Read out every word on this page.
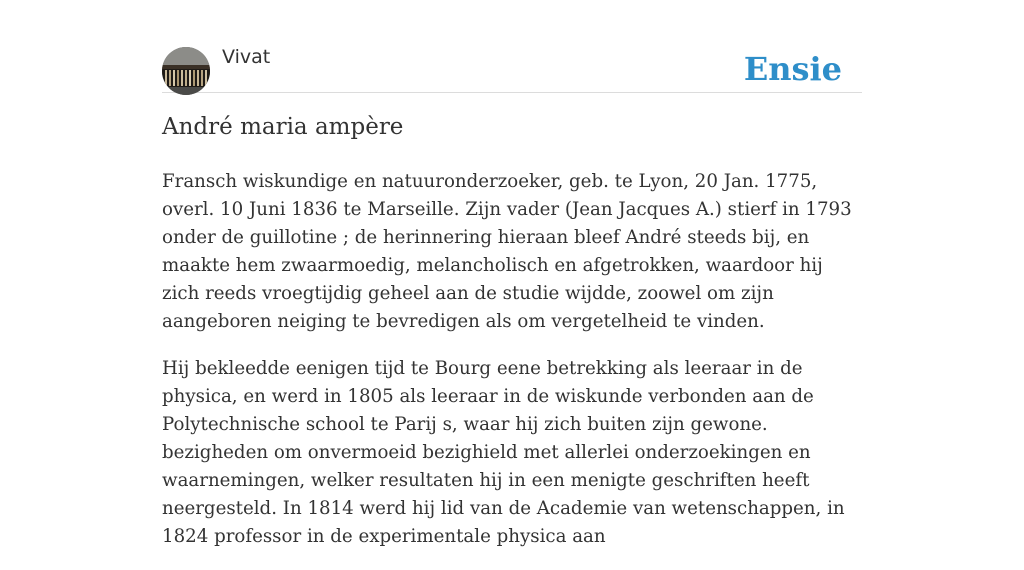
Vivat	Ensie
André maria ampère

Fransch wiskundige en natuuronderzoeker, geb. te Lyon, 20 Jan. 1775, overl. 10 Juni 1836 te Marseille. Zijn vader (Jean Jacques A.) stierf in 1793 onder de guillotine ; de herinnering hieraan bleef André steeds bij, en maakte hem zwaarmoedig, melancholisch en afgetrokken, waardoor hij zich reeds vroegtijdig geheel aan de studie wijdde, zoowel om zijn aangeboren neiging te bevredigen als om vergetelheid te vinden.

Hij bekleedde eenigen tijd te Bourg eene betrekking als leeraar in de physica, en werd in 1805 als leeraar in de wiskunde verbonden aan de Polytechnische school te Parij s, waar hij zich buiten zijn gewone. bezigheden om onvermoeid bezighield met allerlei onderzoekingen en waarnemingen, welker resultaten hij in een menigte geschriften heeft neergesteld. In 1814 werd hij lid van de Academie van wetenschappen, in 1824 professor in de experimentale physica aan
